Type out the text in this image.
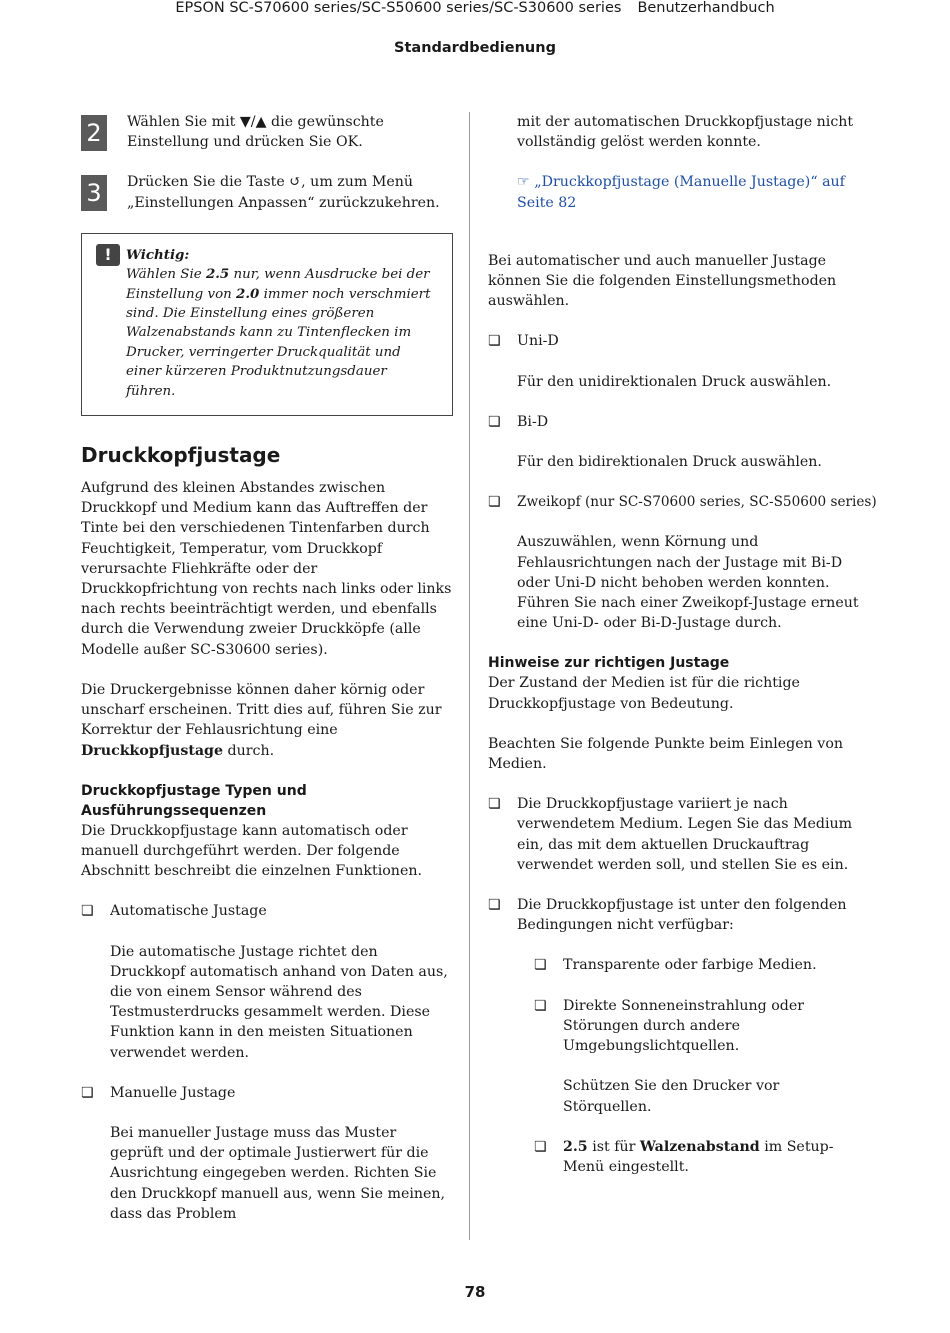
EPSON SC-S70600 series/SC-S50600 series/SC-S30600 series Benutzerhandbuch
Standardbedienung
2	Wählen Sie mit ▼/▲ die gewünschte Einstellung und drücken Sie OK.

3	Drücken Sie die Taste ↺, um zum Menü „Einstellungen Anpassen“ zurückzukehren.

!	Wichtig:
Wählen Sie 2.5 nur, wenn Ausdrucke bei der Einstellung von 2.0 immer noch verschmiert sind. Die Einstellung eines größeren Walzenabstands kann zu Tintenflecken im Drucker, verringerter Druckqualität und einer kürzeren Produktnutzungsdauer führen.
Druckkopfjustage

Aufgrund des kleinen Abstandes zwischen Druckkopf und Medium kann das Auftreffen der Tinte bei den verschiedenen Tintenfarben durch Feuchtigkeit, Temperatur, vom Druckkopf verursachte Fliehkräfte oder der Druckkopfrichtung von rechts nach links oder links nach rechts beeinträchtigt werden, und ebenfalls durch die Verwendung zweier Druckköpfe (alle Modelle außer SC-S30600 series).

Die Druckergebnisse können daher körnig oder unscharf erscheinen. Tritt dies auf, führen Sie zur Korrektur der Fehlausrichtung eine Druckkopfjustage durch.

Druckkopfjustage Typen und Ausführungssequenzen

Die Druckkopfjustage kann automatisch oder manuell durchgeführt werden. Der folgende Abschnitt beschreibt die einzelnen Funktionen.

❏ Automatische Justage

Die automatische Justage richtet den Druckkopf automatisch anhand von Daten aus, die von einem Sensor während des Testmusterdrucks gesammelt werden. Diese Funktion kann in den meisten Situationen verwendet werden.

❏ Manuelle Justage

Bei manueller Justage muss das Muster geprüft und der optimale Justierwert für die Ausrichtung eingegeben werden. Richten Sie den Druckkopf manuell aus, wenn Sie meinen, dass das Problem

mit der automatischen Druckkopfjustage nicht vollständig gelöst werden konnte.

☞ „Druckkopfjustage (Manuelle Justage)“ auf Seite 82

Bei automatischer und auch manueller Justage können Sie die folgenden Einstellungsmethoden auswählen.

❏ Uni-D

Für den unidirektionalen Druck auswählen.

❏ Bi-D

Für den bidirektionalen Druck auswählen.

❏ Zweikopf (nur SC-S70600 series, SC-S50600 series)

Auszuwählen, wenn Körnung und Fehlausrichtungen nach der Justage mit Bi-D oder Uni-D nicht behoben werden konnten. Führen Sie nach einer Zweikopf-Justage erneut eine Uni-D- oder Bi-D-Justage durch.

Hinweise zur richtigen Justage

Der Zustand der Medien ist für die richtige Druckkopfjustage von Bedeutung.

Beachten Sie folgende Punkte beim Einlegen von Medien.

❏ Die Druckkopfjustage variiert je nach verwendetem Medium. Legen Sie das Medium ein, das mit dem aktuellen Druckauftrag verwendet werden soll, und stellen Sie es ein.
❏ Die Druckkopfjustage ist unter den folgenden Bedingungen nicht verfügbar:
❏ Transparente oder farbige Medien.
❏ Direkte Sonneneinstrahlung oder Störungen durch andere Umgebungslichtquellen.

Schützen Sie den Drucker vor Störquellen.

❏ 2.5 ist für Walzenabstand im Setup-Menü eingestellt.
78
